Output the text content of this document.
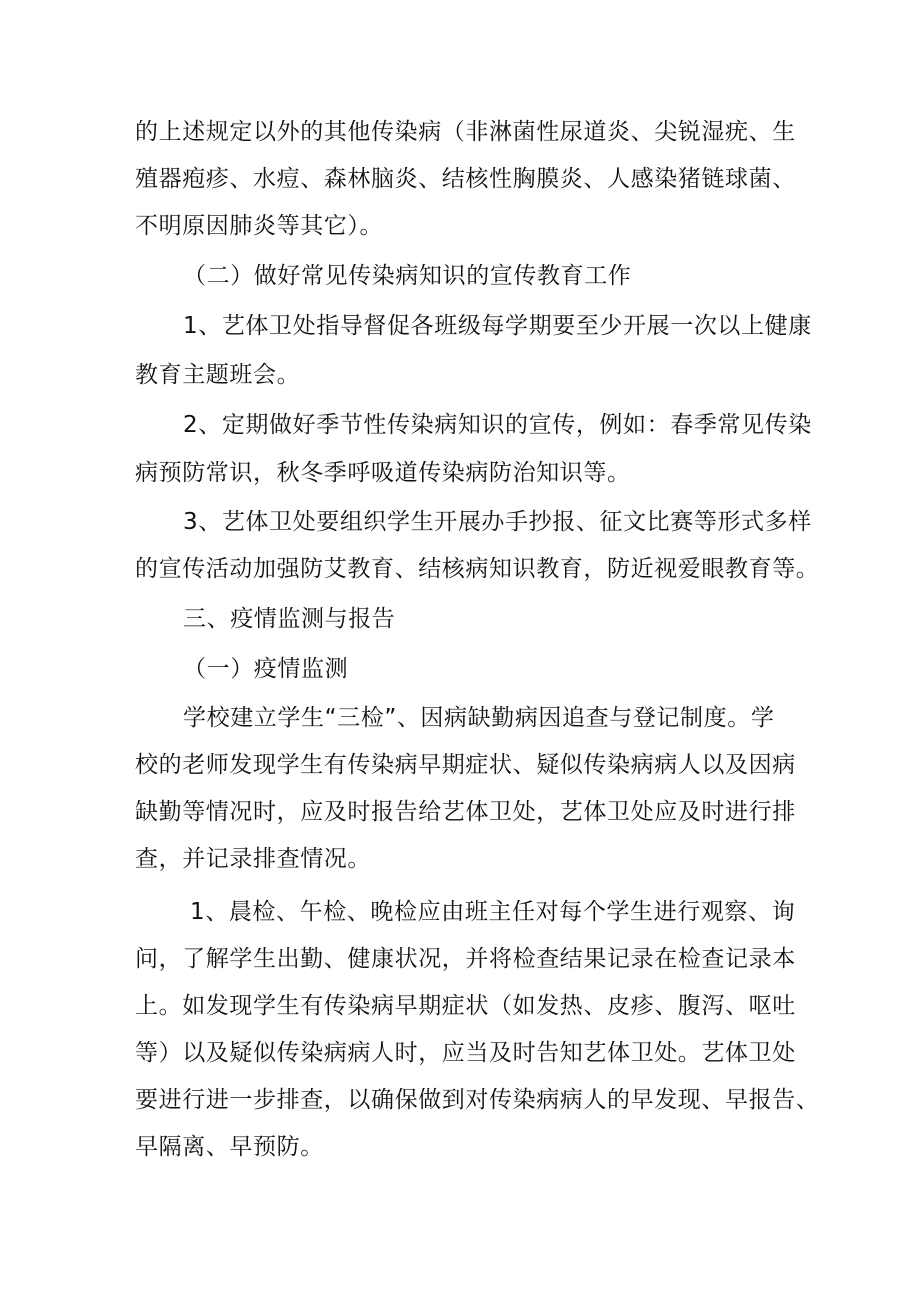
的上述规定以外的其他传染病（非淋菌性尿道炎、尖锐湿疣、生
殖器疱疹、水痘、森林脑炎、结核性胸膜炎、人感染猪链球菌、
不明原因肺炎等其它）。
（二）做好常见传染病知识的宣传教育工作
1、艺体卫处指导督促各班级每学期要至少开展一次以上健康
教育主题班会。
2、定期做好季节性传染病知识的宣传，例如：春季常见传染
病预防常识，秋冬季呼吸道传染病防治知识等。
3、艺体卫处要组织学生开展办手抄报、征文比赛等形式多样
的宣传活动加强防艾教育、结核病知识教育，防近视爱眼教育等。
三、疫情监测与报告
（一）疫情监测
学校建立学生“三检”、因病缺勤病因追查与登记制度。学
校的老师发现学生有传染病早期症状、疑似传染病病人以及因病
缺勤等情况时，应及时报告给艺体卫处，艺体卫处应及时进行排
查，并记录排查情况。
1、晨检、午检、晚检应由班主任对每个学生进行观察、询
问，了解学生出勤、健康状况，并将检查结果记录在检查记录本
上。如发现学生有传染病早期症状（如发热、皮疹、腹泻、呕吐
等）以及疑似传染病病人时，应当及时告知艺体卫处。艺体卫处
要进行进一步排查，以确保做到对传染病病人的早发现、早报告、
早隔离、早预防。
